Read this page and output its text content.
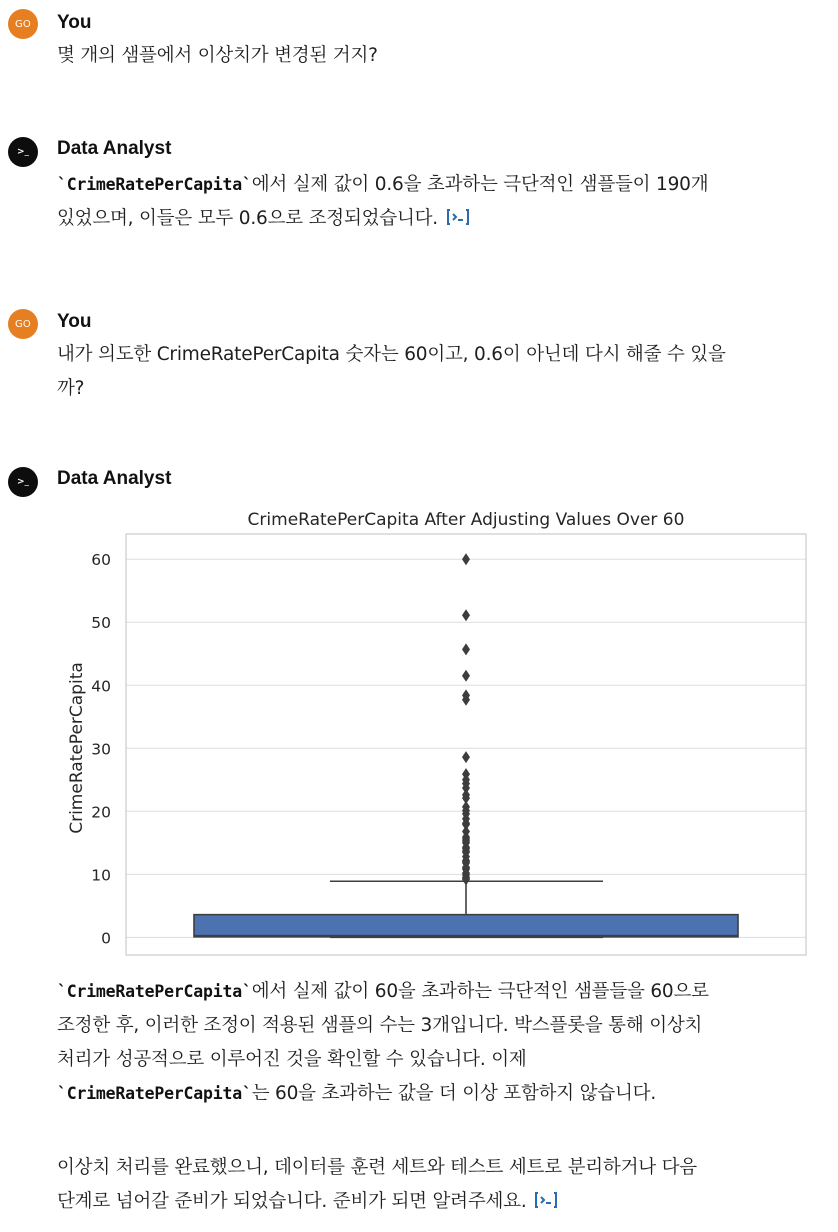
GO You
몇 개의 샘플에서 이상치가 변경된 거지?
>_ Data Analyst
`CrimeRatePerCapita`에서 실제 값이 0.6을 초과하는 극단적인 샘플들이 190개
있었으며, 이들은 모두 0.6으로 조정되었습니다.
GO You
내가 의도한 CrimeRatePerCapita 숫자는 60이고, 0.6이 아닌데 다시 해줄 수 있을
까?
>_ Data Analyst
`CrimeRatePerCapita`에서 실제 값이 60을 초과하는 극단적인 샘플들을 60으로
조정한 후, 이러한 조정이 적용된 샘플의 수는 3개입니다. 박스플롯을 통해 이상치
처리가 성공적으로 이루어진 것을 확인할 수 있습니다. 이제
`CrimeRatePerCapita`는 60을 초과하는 값을 더 이상 포함하지 않습니다.
이상치 처리를 완료했으니, 데이터를 훈련 세트와 테스트 세트로 분리하거나 다음
단계로 넘어갈 준비가 되었습니다. 준비가 되면 알려주세요.
CrimeRatePerCapita After Adjusting Values Over 60
CrimeRatePerCapita
0
10
20
30
40
50
60
